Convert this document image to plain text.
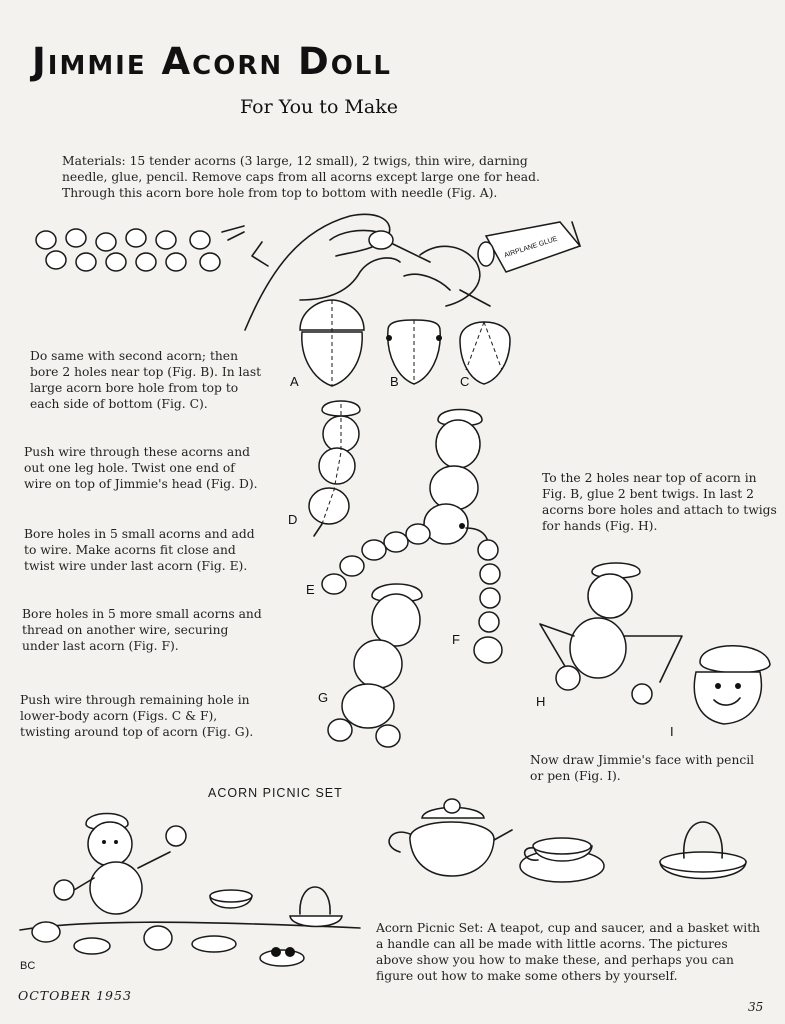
Jimmie Acorn Doll
For You to Make
Materials: 15 tender acorns (3 large, 12 small), 2 twigs, thin wire, darning needle, glue, pencil. Remove caps from all acorns except large one for head. Through this acorn bore hole from top to bottom with needle (Fig. A).
Do same with second acorn; then bore 2 holes near top (Fig. B). In last large acorn bore hole from top to each side of bottom (Fig. C).
Push wire through these acorns and out one leg hole. Twist one end of wire on top of Jimmie's head (Fig. D).
Bore holes in 5 small acorns and add to wire. Make acorns fit close and twist wire under last acorn (Fig. E).
Bore holes in 5 more small acorns and thread on another wire, securing under last acorn (Fig. F).
Push wire through remaining hole in lower-body acorn (Figs. C & F), twisting around top of acorn (Fig. G).
To the 2 holes near top of acorn in Fig. B, glue 2 bent twigs. In last 2 acorns bore holes and attach to twigs for hands (Fig. H).
Now draw Jimmie's face with pencil or pen (Fig. I).
A	B	C
D
E
F
G	H
I
AIRPLANE GLUE
ACORN PICNIC SET
Acorn Picnic Set: A teapot, cup and saucer, and a basket with a handle can all be made with little acorns. The pictures above show you how to make these, and perhaps you can figure out how to make some others by yourself.
BC
OCTOBER 1953
35
